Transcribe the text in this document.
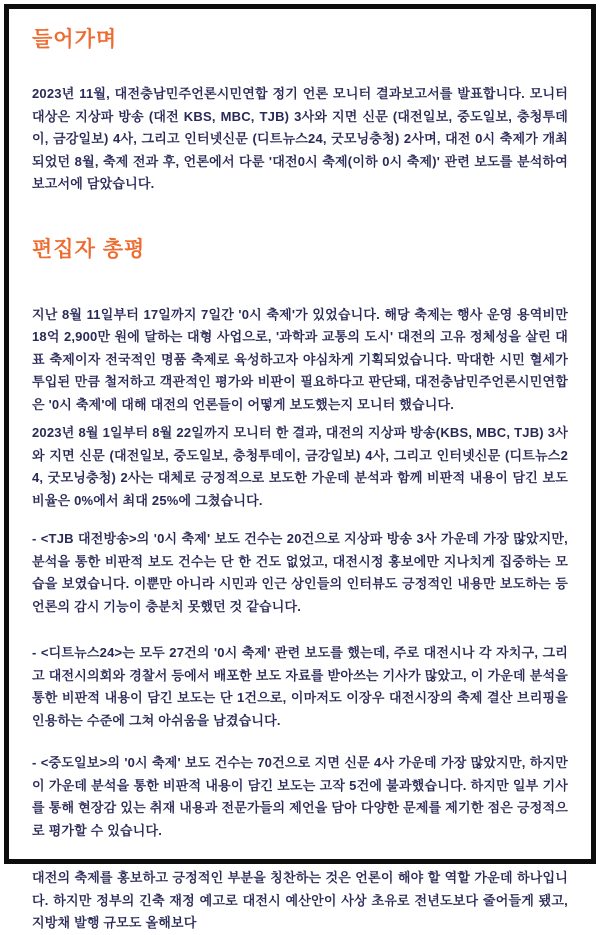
들어가며

2023년 11월, 대전충남민주언론시민연합 정기 언론 모니터 결과보고서를 발표합니다. 모니터 대상은 지상파 방송 (대전 KBS, MBC, TJB) 3사와 지면 신문 (대전일보, 중도일보, 충청투데이, 금강일보) 4사, 그리고 인터넷신문 (디트뉴스24, 굿모닝충청) 2사며, 대전 0시 축제가 개최되었던 8월, 축제 전과 후, 언론에서 다룬 '대전0시 축제(이하 0시 축제)' 관련 보도를 분석하여 보고서에 담았습니다.

편집자 총평

지난 8월 11일부터 17일까지 7일간 '0시 축제'가 있었습니다. 해당 축제는 행사 운영 용역비만 18억 2,900만 원에 달하는 대형 사업으로, '과학과 교통의 도시' 대전의 고유 정체성을 살린 대표 축제이자 전국적인 명품 축제로 육성하고자 야심차게 기획되었습니다. 막대한 시민 혈세가 투입된 만큼 철저하고 객관적인 평가와 비판이 필요하다고 판단돼, 대전충남민주언론시민연합은 '0시 축제'에 대해 대전의 언론들이 어떻게 보도했는지 모니터 했습니다.

2023년 8월 1일부터 8월 22일까지 모니터 한 결과, 대전의 지상파 방송(KBS, MBC, TJB) 3사와 지면 신문 (대전일보, 중도일보, 충청투데이, 금강일보) 4사, 그리고 인터넷신문 (디트뉴스24, 굿모닝충청) 2사는 대체로 긍정적으로 보도한 가운데 분석과 함께 비판적 내용이 담긴 보도 비율은 0%에서 최대 25%에 그쳤습니다.

- <TJB 대전방송>의 '0시 축제' 보도 건수는 20건으로 지상파 방송 3사 가운데 가장 많았지만, 분석을 통한 비판적 보도 건수는 단 한 건도 없었고, 대전시정 홍보에만 지나치게 집중하는 모습을 보였습니다. 이뿐만 아니라 시민과 인근 상인들의 인터뷰도 긍정적인 내용만 보도하는 등 언론의 감시 기능이 충분치 못했던 것 같습니다.

- <디트뉴스24>는 모두 27건의 '0시 축제' 관련 보도를 했는데, 주로 대전시나 각 자치구, 그리고 대전시의회와 경찰서 등에서 배포한 보도 자료를 받아쓰는 기사가 많았고, 이 가운데 분석을 통한 비판적 내용이 담긴 보도는 단 1건으로, 이마저도 이장우 대전시장의 축제 결산 브리핑을 인용하는 수준에 그쳐 아쉬움을 남겼습니다.

- <중도일보>의 '0시 축제' 보도 건수는 70건으로 지면 신문 4사 가운데 가장 많았지만, 하지만 이 가운데 분석을 통한 비판적 내용이 담긴 보도는 고작 5건에 불과했습니다. 하지만 일부 기사를 통해 현장감 있는 취재 내용과 전문가들의 제언을 담아 다양한 문제를 제기한 점은 긍정적으로 평가할 수 있습니다.

대전의 축제를 홍보하고 긍정적인 부분을 칭찬하는 것은 언론이 해야 할 역할 가운데 하나입니다. 하지만 정부의 긴축 재정 예고로 대전시 예산안이 사상 초유로 전년도보다 줄어들게 됐고, 지방채 발행 규모도 올해보다
